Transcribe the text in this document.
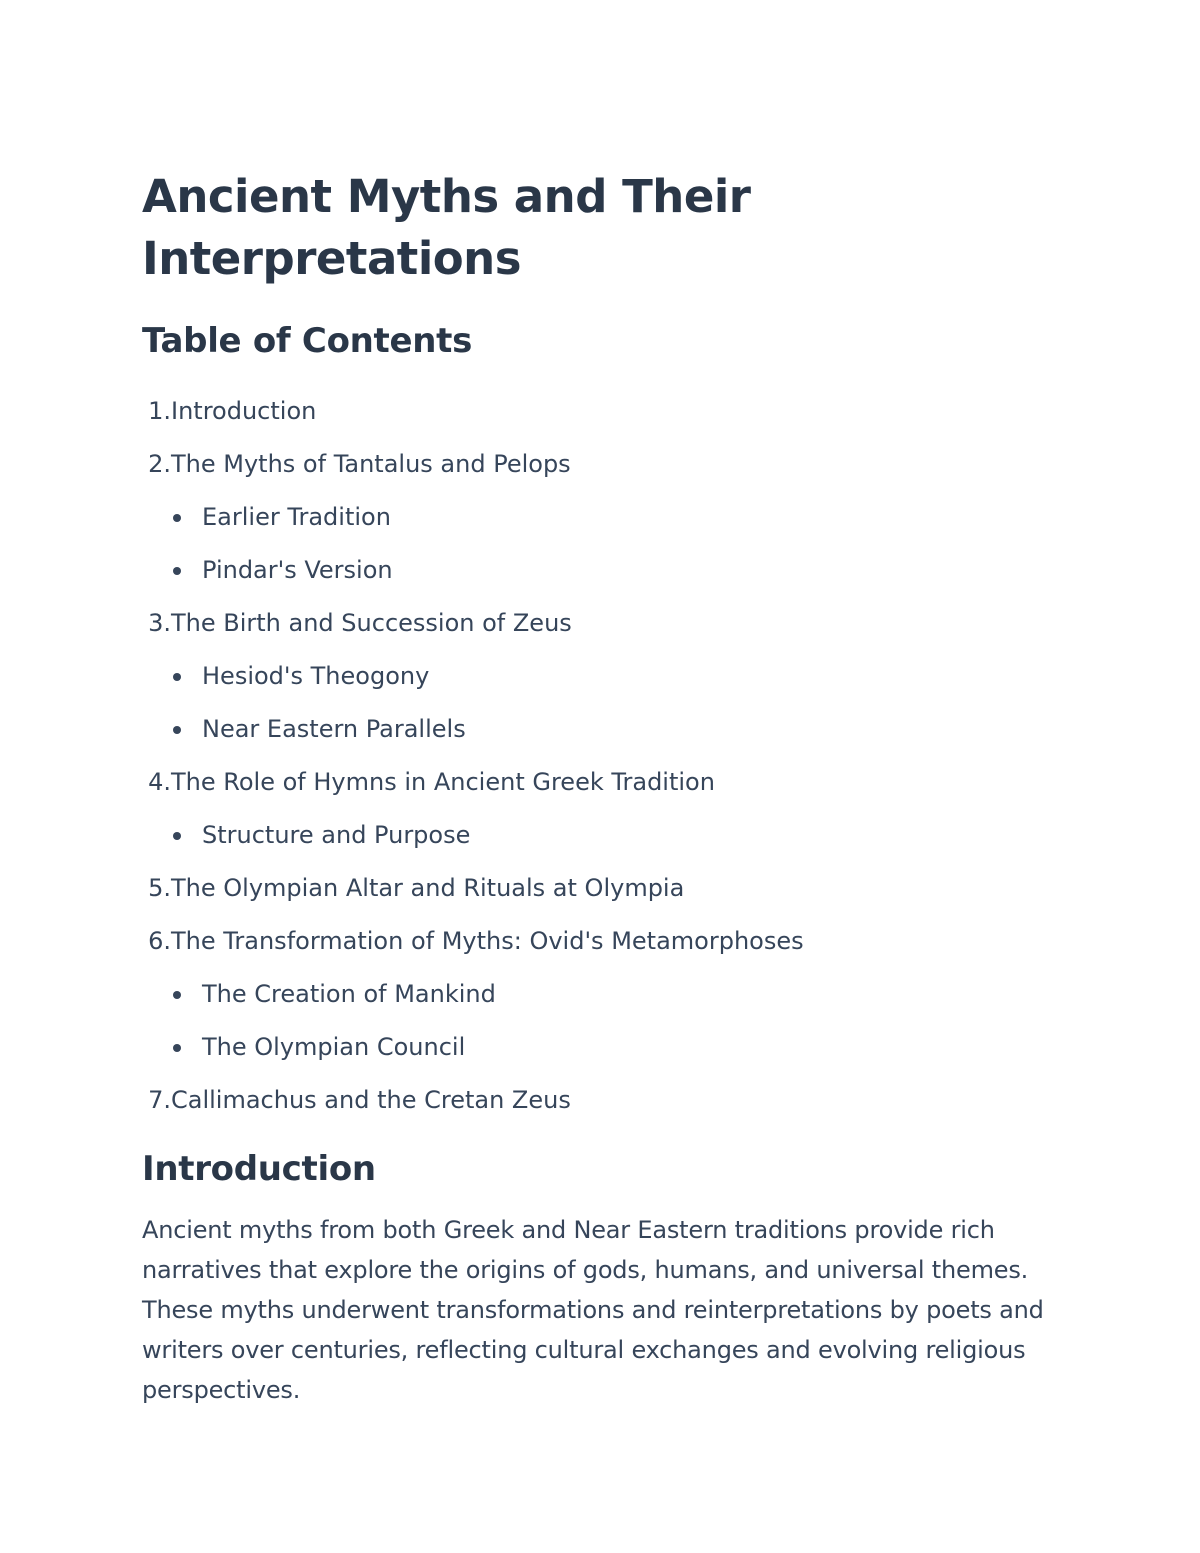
Ancient Myths and Their Interpretations
Table of Contents
1. Introduction
2. The Myths of Tantalus and Pelops
Earlier Tradition
Pindar's Version
3. The Birth and Succession of Zeus
Hesiod's Theogony
Near Eastern Parallels
4. The Role of Hymns in Ancient Greek Tradition
Structure and Purpose
5. The Olympian Altar and Rituals at Olympia
6. The Transformation of Myths: Ovid's Metamorphoses
The Creation of Mankind
The Olympian Council
7. Callimachus and the Cretan Zeus
Introduction

Ancient myths from both Greek and Near Eastern traditions provide rich narratives that explore the origins of gods, humans, and universal themes. These myths underwent transformations and reinterpretations by poets and writers over centuries, reflecting cultural exchanges and evolving religious perspectives.
